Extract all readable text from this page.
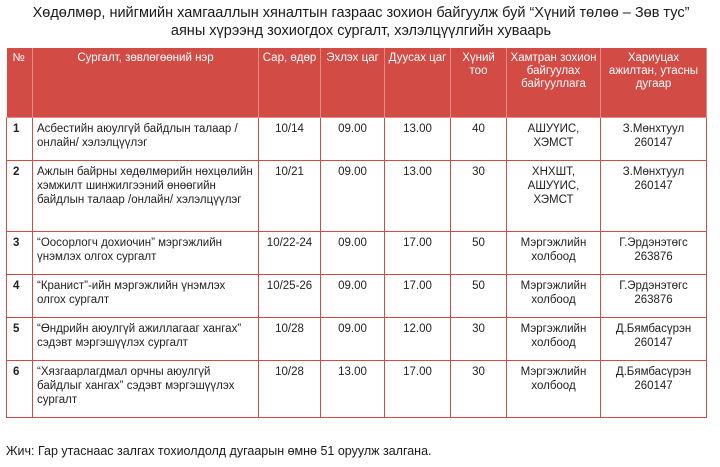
Хөдөлмөр, нийгмийн хамгааллын хяналтын газраас зохион байгуулж буй “Хүний төлөө – Зөв тус”
аяны хүрээнд зохиогдох сургалт, хэлэлцүүлгийн хуваарь
№	Сургалт, зөвлөгөөний нэр	Сар, өдөр	Эхлэх цаг	Дуусах цаг	Хүний тоо	Хамтран зохион байгуулах байгууллага	Хариуцах ажилтан, утасны дугаар
1	Асбестийн аюулгүй байдлын талаар /онлайн/ хэлэлцүүлэг	10/14	09.00	13.00	40	АШУҮИС, ХЭМСТ	З.Мөнхтуул 260147
2	Ажлын байрны хөдөлмөрийн нөхцөлийн хэмжилт шинжилгээний өнөөгийн байдлын талаар /онлайн/ хэлэлцүүлэг	10/21	09.00	13.00	30	ХНХШТ, АШУҮИС, ХЭМСТ	З.Мөнхтуул 260147
3	“Оосорлогч дохиочин” мэргэжлийн үнэмлэх олгох сургалт	10/22-24	09.00	17.00	50	Мэргэжлийн холбоод	Г.Эрдэнэтөгс 263876
4	“Кранист”-ийн мэргэжлийн үнэмлэх олгох сургалт	10/25-26	09.00	17.00	50	Мэргэжлийн холбоод	Г.Эрдэнэтөгс 263876
5	“Өндрийн аюулгүй ажиллагааг хангах” сэдэвт мэргэшүүлэх сургалт	10/28	09.00	12.00	30	Мэргэжлийн холбоод	Д.Бямбасүрэн 260147
6	“Хязгаарлагдмал орчны аюулгүй байдлыг хангах” сэдэвт мэргэшүүлэх сургалт	10/28	13.00	17.00	30	Мэргэжлийн холбоод	Д.Бямбасүрэн 260147
Жич: Гар утаснаас залгах тохиолдолд дугаарын өмнө 51 оруулж залгана.
